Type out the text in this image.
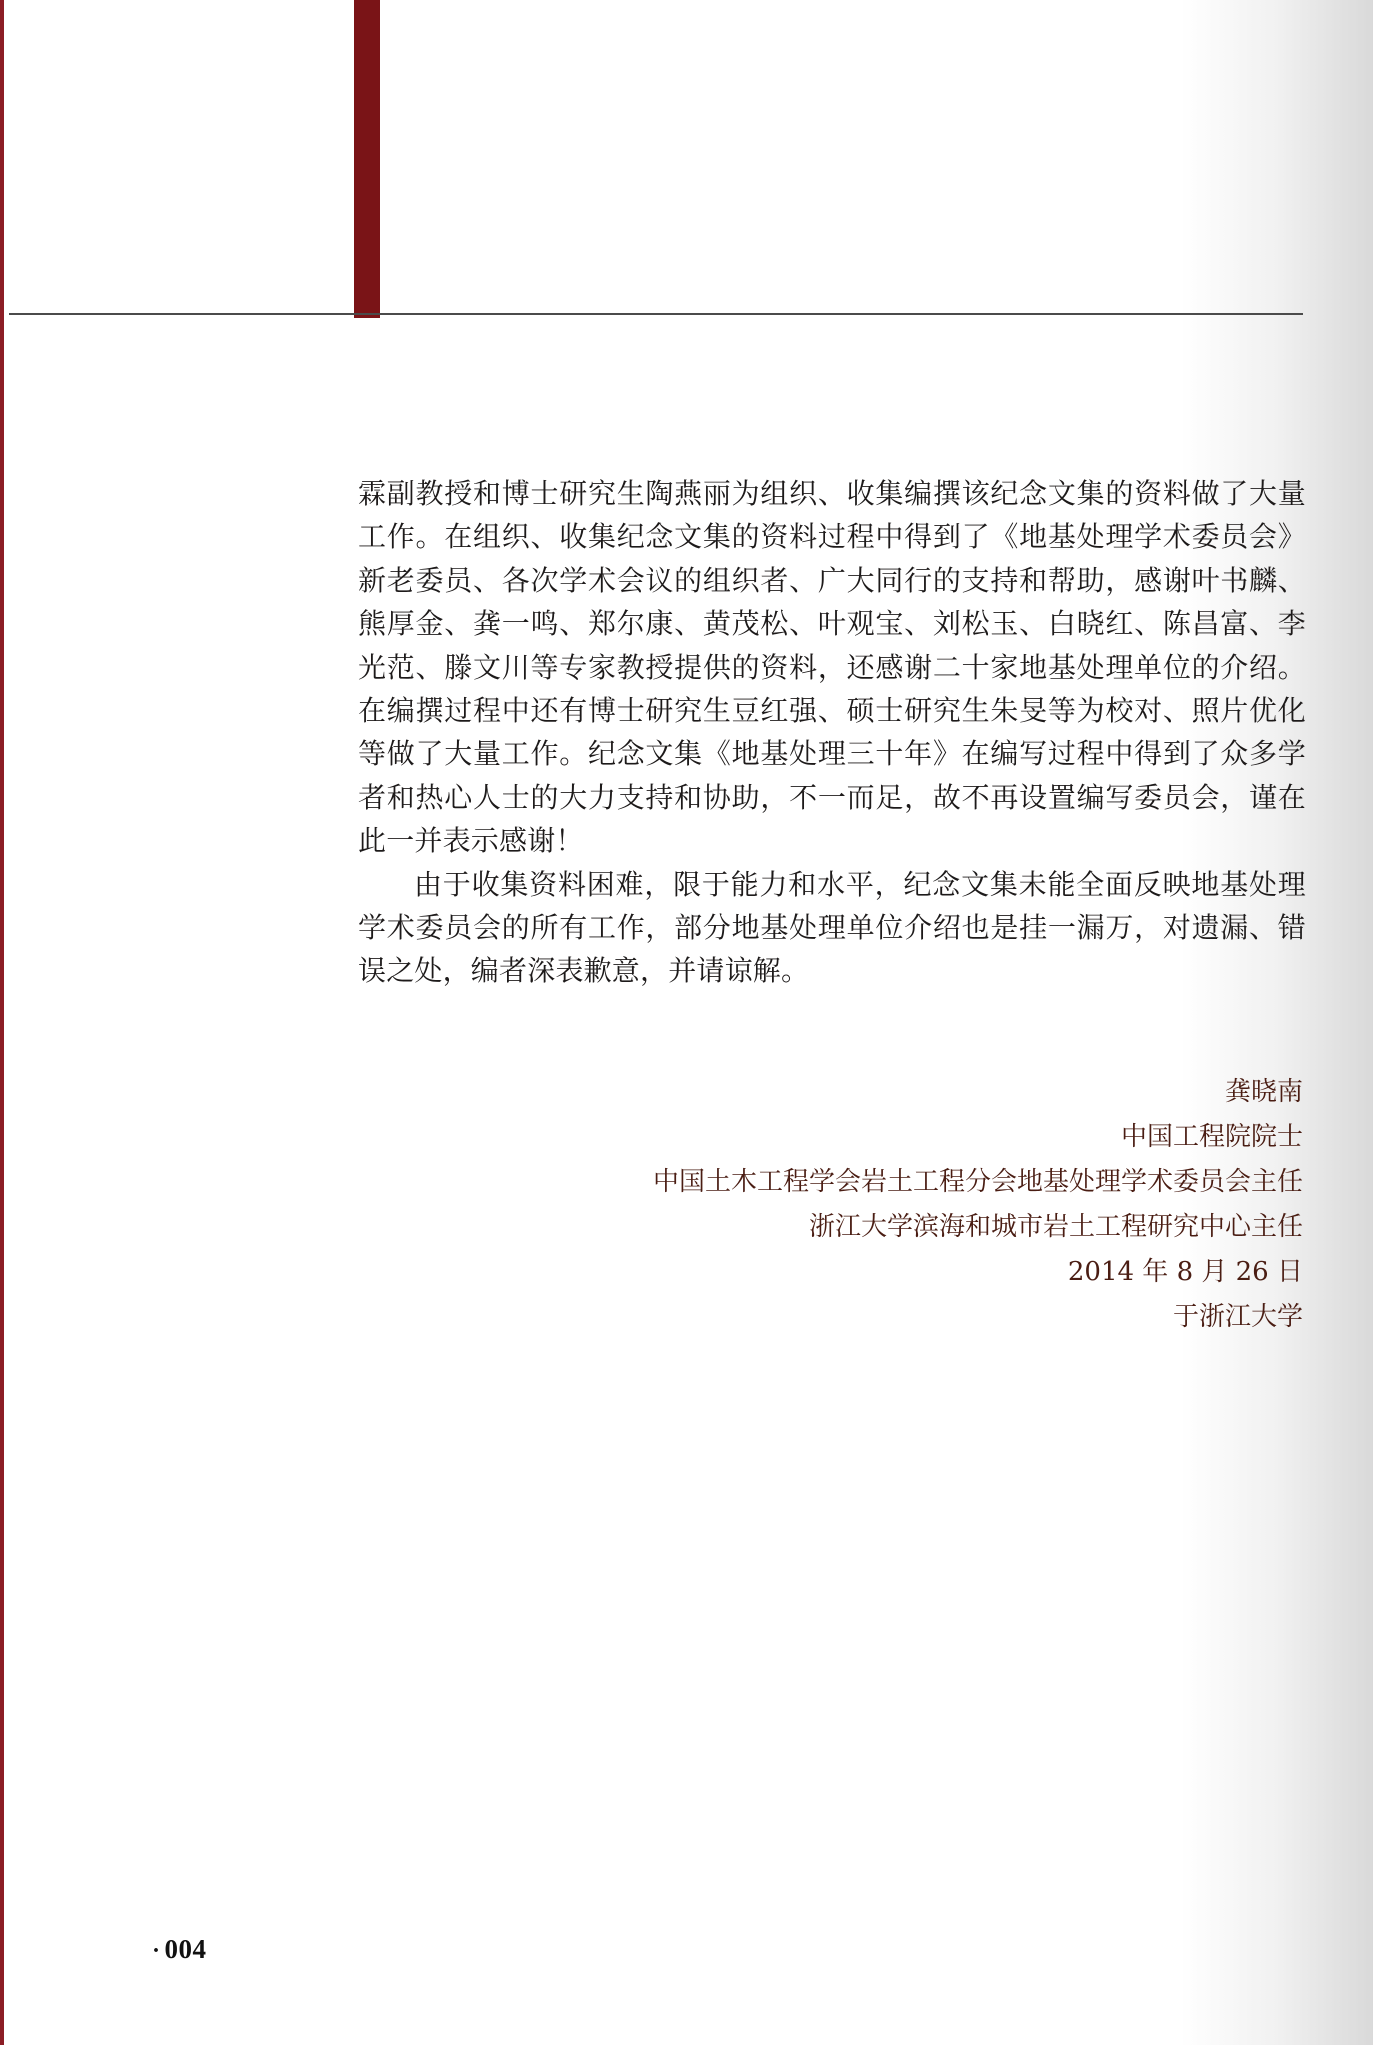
霖副教授和博士研究生陶燕丽为组织、收集编撰该纪念文集的资料做了大量工作。在组织、收集纪念文集的资料过程中得到了《地基处理学术委员会》新老委员、各次学术会议的组织者、广大同行的支持和帮助，感谢叶书麟、熊厚金、龚一鸣、郑尔康、黄茂松、叶观宝、刘松玉、白晓红、陈昌富、李光范、滕文川等专家教授提供的资料，还感谢二十家地基处理单位的介绍。在编撰过程中还有博士研究生豆红强、硕士研究生朱旻等为校对、照片优化等做了大量工作。纪念文集《地基处理三十年》在编写过程中得到了众多学者和热心人士的大力支持和协助，不一而足，故不再设置编写委员会，谨在此一并表示感谢！

由于收集资料困难，限于能力和水平，纪念文集未能全面反映地基处理学术委员会的所有工作，部分地基处理单位介绍也是挂一漏万，对遗漏、错误之处，编者深表歉意，并请谅解。

龚晓南
中国工程院院士
中国土木工程学会岩土工程分会地基处理学术委员会主任
浙江大学滨海和城市岩土工程研究中心主任
2014 年 8 月 26 日
于浙江大学
· 004
